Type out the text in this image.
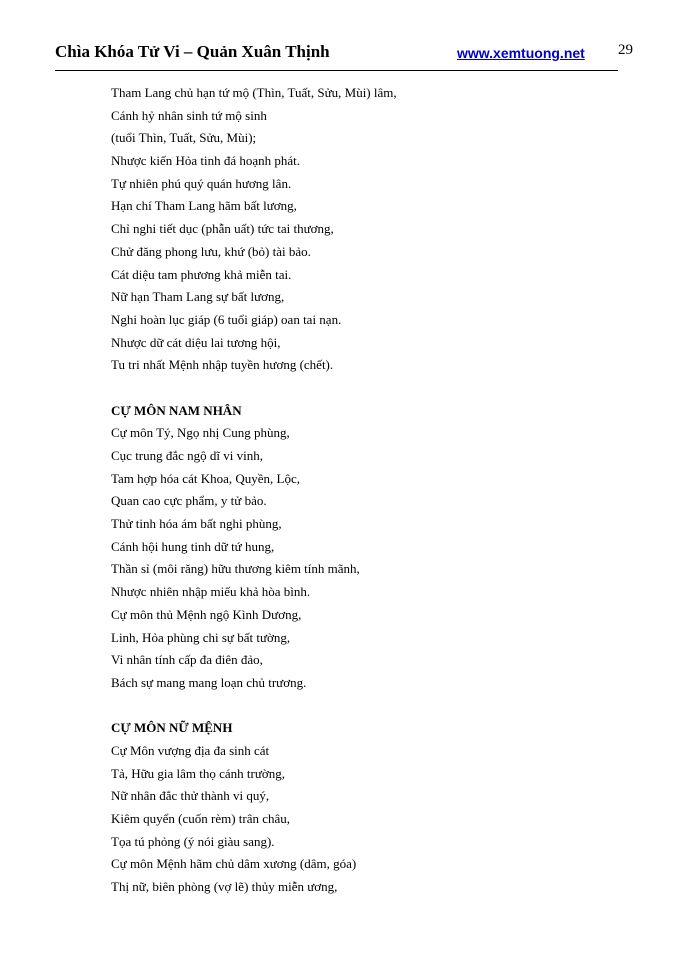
Chìa Khóa Tử Vi – Quản Xuân Thịnh	www.xemtuong.net 29
Tham Lang chủ hạn tứ mộ (Thìn, Tuất, Sửu, Mùi) lâm,
Cánh hỷ nhân sinh tứ mộ sinh
(tuổi Thìn, Tuất, Sửu, Mùi);
Nhược kiến Hỏa tinh đá hoạnh phát.
Tự nhiên phú quý quán hương lân.
Hạn chí Tham Lang hãm bất lương,
Chỉ nghi tiết dục (phẫn uất) tức tai thương,
Chử đăng phong lưu, khứ (bỏ) tài bảo.
Cát diệu tam phương khả miễn tai.
Nữ hạn Tham Lang sự bất lương,
Nghi hoàn lục giáp (6 tuổi giáp) oan tai nạn.
Nhược dữ cát diệu lai tương hội,
Tu tri nhất Mệnh nhập tuyền hương (chết).
CỰ MÔN NAM NHÂN
Cự môn Tý, Ngọ nhị Cung phùng,
Cục trung đắc ngộ dĩ vi vinh,
Tam hợp hóa cát Khoa, Quyền, Lộc,
Quan cao cực phẩm, y tử bảo.
Thử tinh hóa ám bất nghi phùng,
Cánh hội hung tinh dữ tứ hung,
Thần sỉ (môi răng) hữu thương kiêm tính mãnh,
Nhược nhiên nhập miếu khả hòa bình.
Cự môn thủ Mệnh ngộ Kình Dương,
Linh, Hỏa phùng chi sự bất tường,
Vi nhân tính cấp đa điên đảo,
Bách sự mang mang loạn chủ trương.
CỰ MÔN NỮ MỆNH
Cự Môn vượng địa đa sinh cát
Tả, Hữu gia lâm thọ cánh trường,
Nữ nhân đắc thử thành vi quý,
Kiêm quyển (cuốn rèm) trân châu,
Tọa tú phỏng (ý nói giàu sang).
Cự môn Mệnh hãm chủ dâm xương (dâm, góa)
Thị nữ, biên phòng (vợ lẽ) thủy miễn ương,
